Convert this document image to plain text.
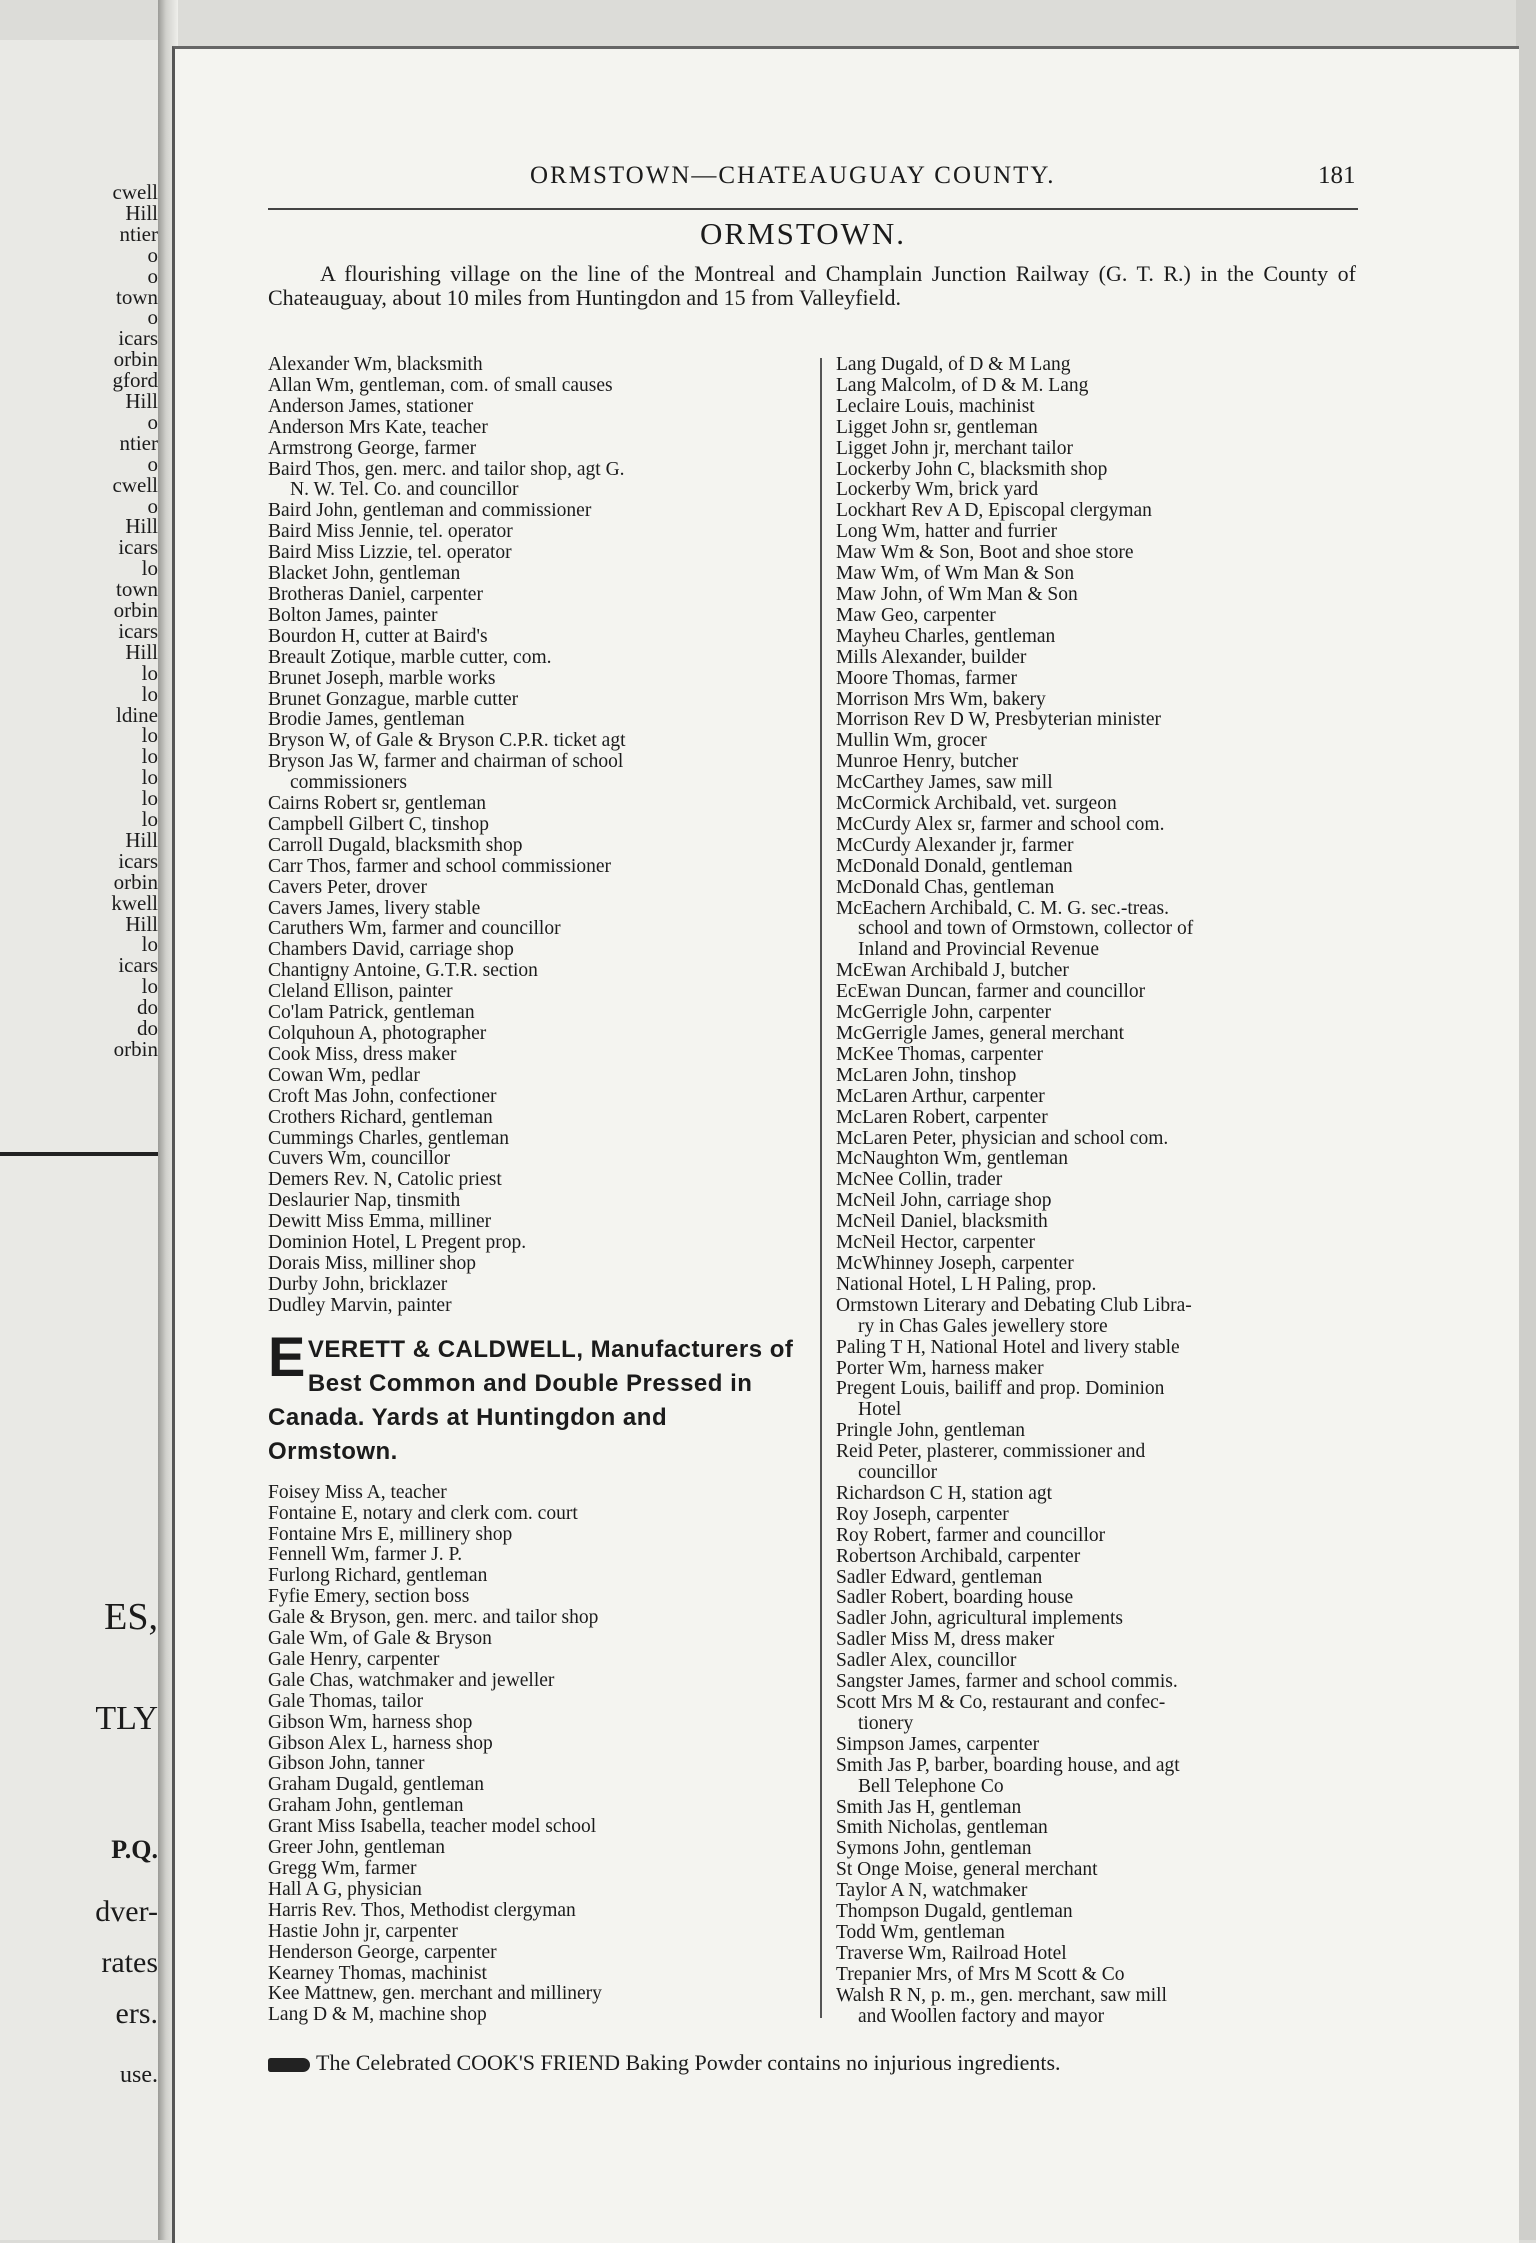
cwell
Hill
ntier
o
o
town
o
icars
orbin
gford
Hill
o
ntier
o
cwell
o
Hill
icars
lo
town
orbin
icars
Hill
lo
lo
ldine
lo
lo
lo
lo
lo
Hill
icars
orbin
kwell
Hill
lo
icars
lo
do
do
orbin
ES,
TLY
P.Q.
dver-
rates
ers.
use.
ORMSTOWN—CHATEAUGUAY COUNTY.	181
ORMSTOWN.
A flourishing village on the line of the Montreal and Champlain Junction Railway (G. T. R.) in the County of Chateauguay, about 10 miles from Huntingdon and 15 from Valleyfield.
Alexander Wm, blacksmith
Allan Wm, gentleman, com. of small causes
Anderson James, stationer
Anderson Mrs Kate, teacher
Armstrong George, farmer
Baird Thos, gen. merc. and tailor shop, agt G.
N. W. Tel. Co. and councillor
Baird John, gentleman and commissioner
Baird Miss Jennie, tel. operator
Baird Miss Lizzie, tel. operator
Blacket John, gentleman
Brotheras Daniel, carpenter
Bolton James, painter
Bourdon H, cutter at Baird's
Breault Zotique, marble cutter, com.
Brunet Joseph, marble works
Brunet Gonzague, marble cutter
Brodie James, gentleman
Bryson W, of Gale & Bryson C.P.R. ticket agt
Bryson Jas W, farmer and chairman of school
commissioners
Cairns Robert sr, gentleman
Campbell Gilbert C, tinshop
Carroll Dugald, blacksmith shop
Carr Thos, farmer and school commissioner
Cavers Peter, drover
Cavers James, livery stable
Caruthers Wm, farmer and councillor
Chambers David, carriage shop
Chantigny Antoine, G.T.R. section
Cleland Ellison, painter
Co'lam Patrick, gentleman
Colquhoun A, photographer
Cook Miss, dress maker
Cowan Wm, pedlar
Croft Mas John, confectioner
Crothers Richard, gentleman
Cummings Charles, gentleman
Cuvers Wm, councillor
Demers Rev. N, Catolic priest
Deslaurier Nap, tinsmith
Dewitt Miss Emma, milliner
Dominion Hotel, L Pregent prop.
Dorais Miss, milliner shop
Durby John, bricklazer
Dudley Marvin, painter
EVERETT & CALDWELL, Manufacturers of Best Common and Double Pressed in Canada. Yards at Huntingdon and Ormstown.
Foisey Miss A, teacher
Fontaine E, notary and clerk com. court
Fontaine Mrs E, millinery shop
Fennell Wm, farmer J. P.
Furlong Richard, gentleman
Fyfie Emery, section boss
Gale & Bryson, gen. merc. and tailor shop
Gale Wm, of Gale & Bryson
Gale Henry, carpenter
Gale Chas, watchmaker and jeweller
Gale Thomas, tailor
Gibson Wm, harness shop
Gibson Alex L, harness shop
Gibson John, tanner
Graham Dugald, gentleman
Graham John, gentleman
Grant Miss Isabella, teacher model school
Greer John, gentleman
Gregg Wm, farmer
Hall A G, physician
Harris Rev. Thos, Methodist clergyman
Hastie John jr, carpenter
Henderson George, carpenter
Kearney Thomas, machinist
Kee Mattnew, gen. merchant and millinery
Lang D & M, machine shop
Lang Dugald, of D & M Lang
Lang Malcolm, of D & M. Lang
Leclaire Louis, machinist
Ligget John sr, gentleman
Ligget John jr, merchant tailor
Lockerby John C, blacksmith shop
Lockerby Wm, brick yard
Lockhart Rev A D, Episcopal clergyman
Long Wm, hatter and furrier
Maw Wm & Son, Boot and shoe store
Maw Wm, of Wm Man & Son
Maw John, of Wm Man & Son
Maw Geo, carpenter
Mayheu Charles, gentleman
Mills Alexander, builder
Moore Thomas, farmer
Morrison Mrs Wm, bakery
Morrison Rev D W, Presbyterian minister
Mullin Wm, grocer
Munroe Henry, butcher
McCarthey James, saw mill
McCormick Archibald, vet. surgeon
McCurdy Alex sr, farmer and school com.
McCurdy Alexander jr, farmer
McDonald Donald, gentleman
McDonald Chas, gentleman
McEachern Archibald, C. M. G. sec.-treas.
school and town of Ormstown, collector of
Inland and Provincial Revenue
McEwan Archibald J, butcher
EcEwan Duncan, farmer and councillor
McGerrigle John, carpenter
McGerrigle James, general merchant
McKee Thomas, carpenter
McLaren John, tinshop
McLaren Arthur, carpenter
McLaren Robert, carpenter
McLaren Peter, physician and school com.
McNaughton Wm, gentleman
McNee Collin, trader
McNeil John, carriage shop
McNeil Daniel, blacksmith
McNeil Hector, carpenter
McWhinney Joseph, carpenter
National Hotel, L H Paling, prop.
Ormstown Literary and Debating Club Libra-
ry in Chas Gales jewellery store
Paling T H, National Hotel and livery stable
Porter Wm, harness maker
Pregent Louis, bailiff and prop. Dominion
Hotel
Pringle John, gentleman
Reid Peter, plasterer, commissioner and
councillor
Richardson C H, station agt
Roy Joseph, carpenter
Roy Robert, farmer and councillor
Robertson Archibald, carpenter
Sadler Edward, gentleman
Sadler Robert, boarding house
Sadler John, agricultural implements
Sadler Miss M, dress maker
Sadler Alex, councillor
Sangster James, farmer and school commis.
Scott Mrs M & Co, restaurant and confec-
tionery
Simpson James, carpenter
Smith Jas P, barber, boarding house, and agt
Bell Telephone Co
Smith Jas H, gentleman
Smith Nicholas, gentleman
Symons John, gentleman
St Onge Moise, general merchant
Taylor A N, watchmaker
Thompson Dugald, gentleman
Todd Wm, gentleman
Traverse Wm, Railroad Hotel
Trepanier Mrs, of Mrs M Scott & Co
Walsh R N, p. m., gen. merchant, saw mill
and Woollen factory and mayor
The Celebrated COOK'S FRIEND Baking Powder contains no injurious ingredients.
